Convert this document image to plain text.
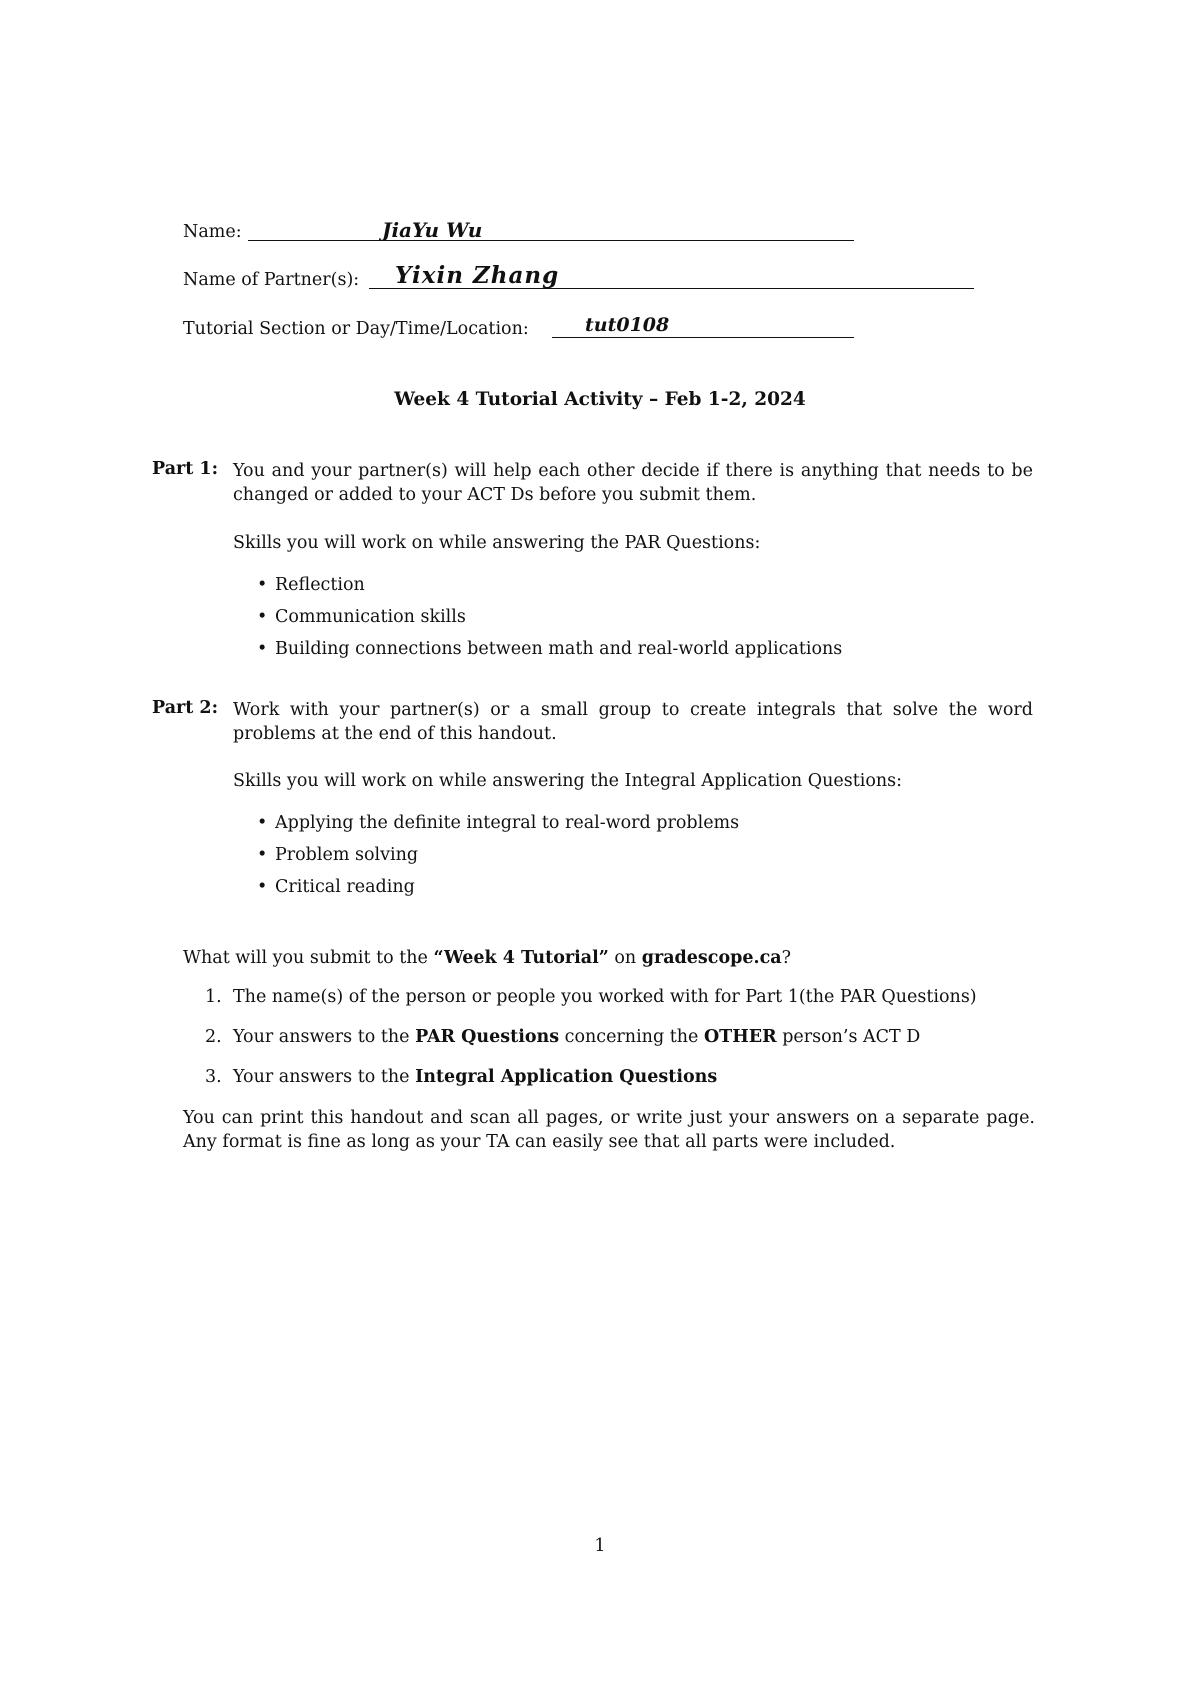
Name:	JiaYu Wu
Name of Partner(s): Yixin Zhang
Tutorial Section or Day/Time/Location:	tut0108
Week 4 Tutorial Activity – Feb 1-2, 2024
Part 1: You and your partner(s) will help each other decide if there is anything that needs to be changed or added to your ACT Ds before you submit them.
Skills you will work on while answering the PAR Questions:
• Reflection
• Communication skills
• Building connections between math and real-world applications
Part 2: Work with your partner(s) or a small group to create integrals that solve the word problems at the end of this handout.
Skills you will work on while answering the Integral Application Questions:
• Applying the definite integral to real-word problems
• Problem solving
• Critical reading
What will you submit to the “Week 4 Tutorial” on gradescope.ca?
1. The name(s) of the person or people you worked with for Part 1(the PAR Questions)
2. Your answers to the PAR Questions concerning the OTHER person’s ACT D
3. Your answers to the Integral Application Questions
You can print this handout and scan all pages, or write just your answers on a separate page. Any format is fine as long as your TA can easily see that all parts were included.
1
